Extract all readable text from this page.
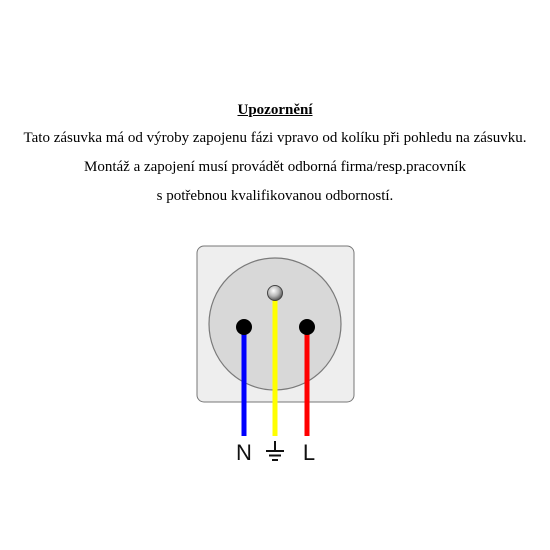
Upozornění
Tato zásuvka má od výroby zapojenu fázi vpravo od kolíku při pohledu na zásuvku.
Montáž a zapojení musí provádět odborná firma/resp.pracovník
s potřebnou kvalifikovanou odborností.
N L
